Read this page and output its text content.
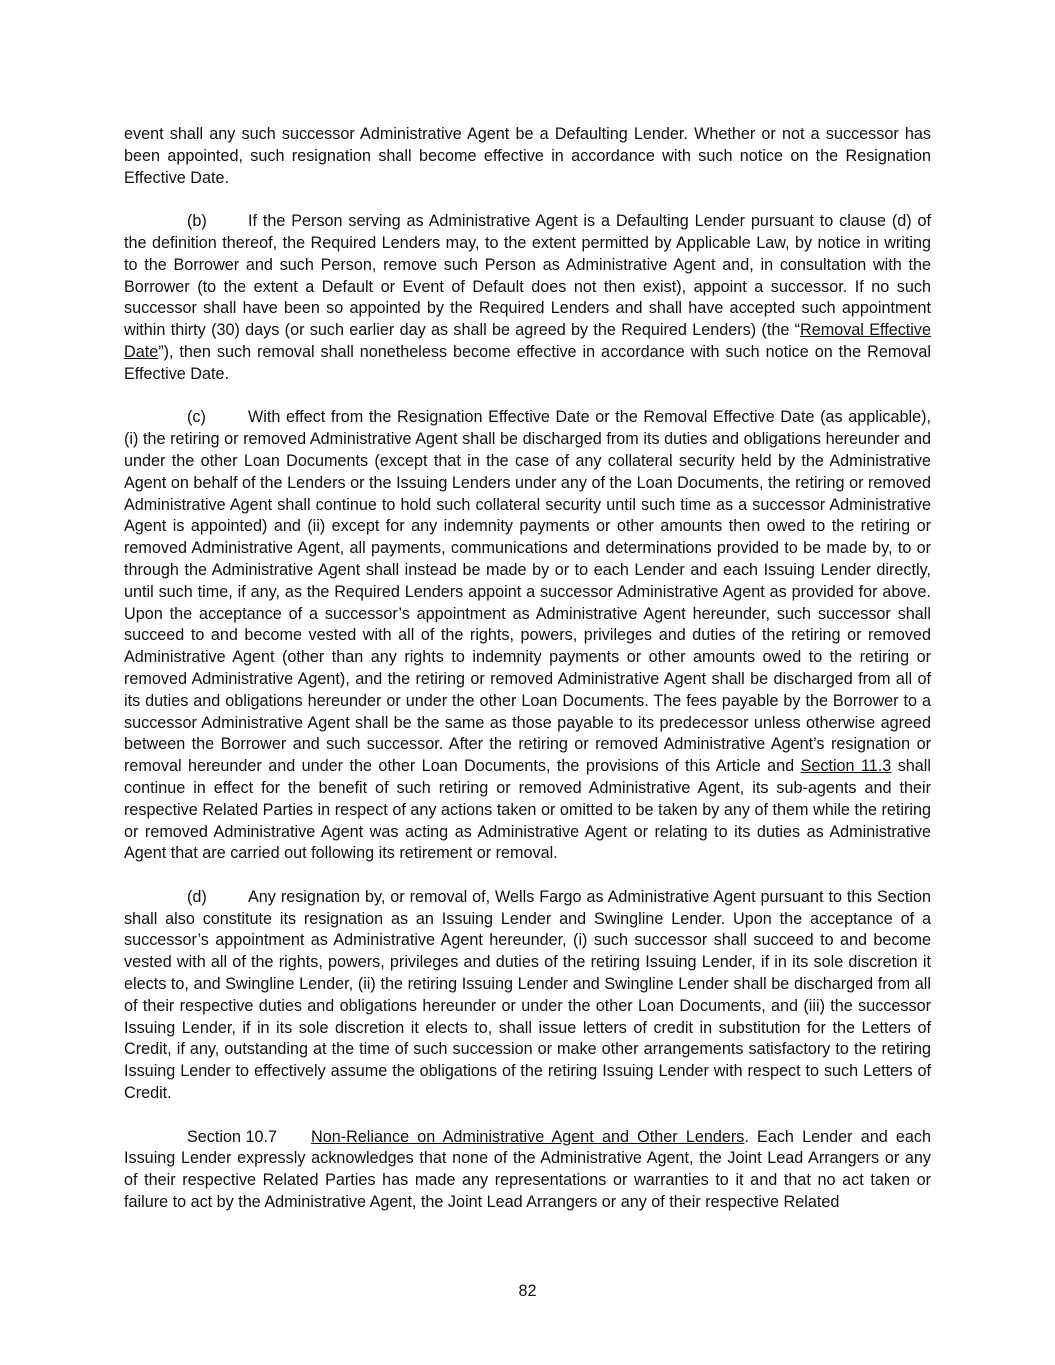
event shall any such successor Administrative Agent be a Defaulting Lender. Whether or not a successor has been appointed, such resignation shall become effective in accordance with such notice on the Resignation Effective Date.

(b)	If the Person serving as Administrative Agent is a Defaulting Lender pursuant to clause (d) of the definition thereof, the Required Lenders may, to the extent permitted by Applicable Law, by notice in writing to the Borrower and such Person, remove such Person as Administrative Agent and, in consultation with the Borrower (to the extent a Default or Event of Default does not then exist), appoint a successor. If no such successor shall have been so appointed by the Required Lenders and shall have accepted such appointment within thirty (30) days (or such earlier day as shall be agreed by the Required Lenders) (the “Removal Effective Date”), then such removal shall nonetheless become effective in accordance with such notice on the Removal Effective Date.

(c)	With effect from the Resignation Effective Date or the Removal Effective Date (as applicable), (i) the retiring or removed Administrative Agent shall be discharged from its duties and obligations hereunder and under the other Loan Documents (except that in the case of any collateral security held by the Administrative Agent on behalf of the Lenders or the Issuing Lenders under any of the Loan Documents, the retiring or removed Administrative Agent shall continue to hold such collateral security until such time as a successor Administrative Agent is appointed) and (ii) except for any indemnity payments or other amounts then owed to the retiring or removed Administrative Agent, all payments, communications and determinations provided to be made by, to or through the Administrative Agent shall instead be made by or to each Lender and each Issuing Lender directly, until such time, if any, as the Required Lenders appoint a successor Administrative Agent as provided for above. Upon the acceptance of a successor’s appointment as Administrative Agent hereunder, such successor shall succeed to and become vested with all of the rights, powers, privileges and duties of the retiring or removed Administrative Agent (other than any rights to indemnity payments or other amounts owed to the retiring or removed Administrative Agent), and the retiring or removed Administrative Agent shall be discharged from all of its duties and obligations hereunder or under the other Loan Documents. The fees payable by the Borrower to a successor Administrative Agent shall be the same as those payable to its predecessor unless otherwise agreed between the Borrower and such successor. After the retiring or removed Administrative Agent’s resignation or removal hereunder and under the other Loan Documents, the provisions of this Article and Section 11.3 shall continue in effect for the benefit of such retiring or removed Administrative Agent, its sub-agents and their respective Related Parties in respect of any actions taken or omitted to be taken by any of them while the retiring or removed Administrative Agent was acting as Administrative Agent or relating to its duties as Administrative Agent that are carried out following its retirement or removal.

(d)	Any resignation by, or removal of, Wells Fargo as Administrative Agent pursuant to this Section shall also constitute its resignation as an Issuing Lender and Swingline Lender. Upon the acceptance of a successor’s appointment as Administrative Agent hereunder, (i) such successor shall succeed to and become vested with all of the rights, powers, privileges and duties of the retiring Issuing Lender, if in its sole discretion it elects to, and Swingline Lender, (ii) the retiring Issuing Lender and Swingline Lender shall be discharged from all of their respective duties and obligations hereunder or under the other Loan Documents, and (iii) the successor Issuing Lender, if in its sole discretion it elects to, shall issue letters of credit in substitution for the Letters of Credit, if any, outstanding at the time of such succession or make other arrangements satisfactory to the retiring Issuing Lender to effectively assume the obligations of the retiring Issuing Lender with respect to such Letters of Credit.

Section 10.7 Non-Reliance on Administrative Agent and Other Lenders. Each Lender and each Issuing Lender expressly acknowledges that none of the Administrative Agent, the Joint Lead Arrangers or any of their respective Related Parties has made any representations or warranties to it and that no act taken or failure to act by the Administrative Agent, the Joint Lead Arrangers or any of their respective Related

82
